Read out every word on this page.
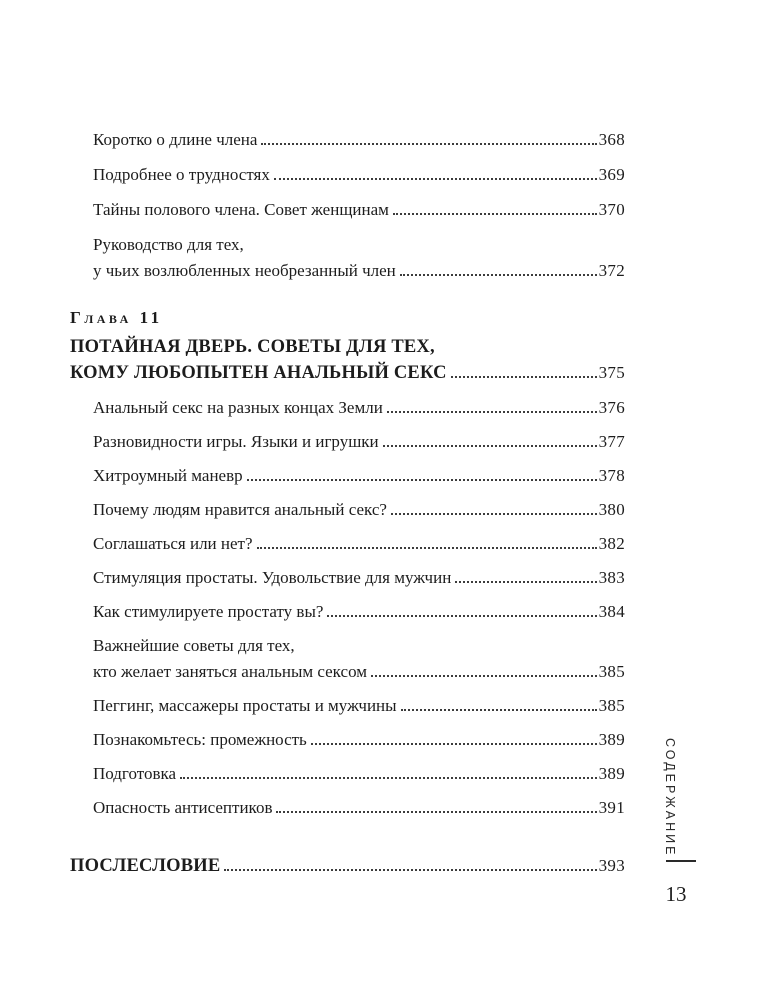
Коротко о длине члена	368
Подробнее о трудностях	369
Тайны полового члена. Совет женщинам	370
Руководство для тех,
у чьих возлюбленных необрезанный член	372
Глава 11
ПОТАЙНАЯ ДВЕРЬ. СОВЕТЫ ДЛЯ ТЕХ,
КОМУ ЛЮБОПЫТЕН АНАЛЬНЫЙ СЕКС	375
Анальный секс на разных концах Земли	376
Разновидности игры. Языки и игрушки	377
Хитроумный маневр	378
Почему людям нравится анальный секс?	380
Соглашаться или нет?	382
Стимуляция простаты. Удовольствие для мужчин	383
Как стимулируете простату вы?	384
Важнейшие советы для тех,
кто желает заняться анальным сексом	385
Пеггинг, массажеры простаты и мужчины	385
Познакомьтесь: промежность	389
Подготовка	389
Опасность антисептиков	391
ПОСЛЕСЛОВИЕ	393
СОДЕРЖАНИЕ
13
